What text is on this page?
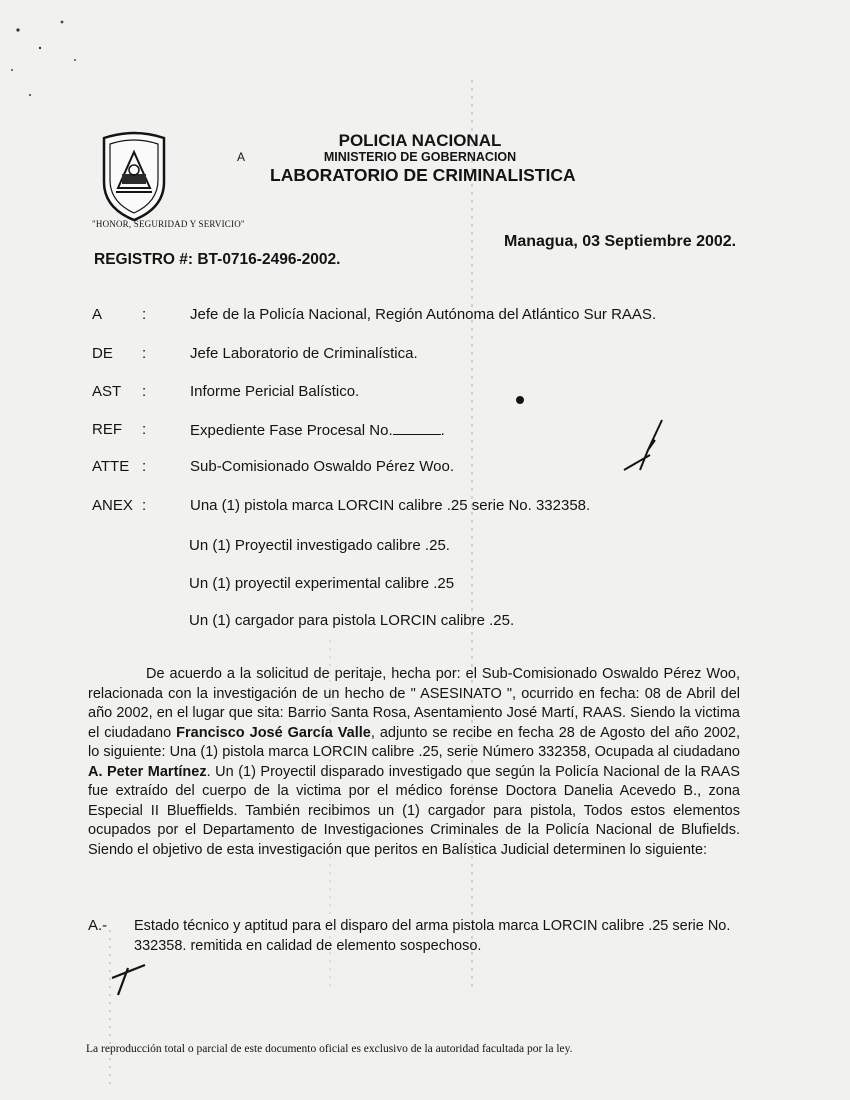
"HONOR, SEGURIDAD Y SERVICIO"
A
POLICIA NACIONAL
MINISTERIO DE GOBERNACION
LABORATORIO DE CRIMINALISTICA
Managua, 03 Septiembre 2002.
REGISTRO #: BT-0716-2496-2002.
A	:	Jefe de la Policía Nacional, Región Autónoma del Atlántico Sur RAAS.
DE :	Jefe Laboratorio de Criminalística.
AST :	Informe Pericial Balístico.
REF :	Expediente Fase Procesal No.	.
ATTE :	Sub-Comisionado Oswaldo Pérez Woo.
ANEX :	Una (1) pistola marca LORCIN calibre .25 serie No. 332358.
Un (1) Proyectil investigado calibre .25.
Un (1) proyectil experimental calibre .25
Un (1) cargador para pistola LORCIN calibre .25.
De acuerdo a la solicitud de peritaje, hecha por: el Sub-Comisionado Oswaldo Pérez Woo, relacionada con la investigación de un hecho de " ASESINATO ", ocurrido en fecha: 08 de Abril del año 2002, en el lugar que sita: Barrio Santa Rosa, Asentamiento José Martí, RAAS. Siendo la victima el ciudadano Francisco José García Valle, adjunto se recibe en fecha 28 de Agosto del año 2002, lo siguiente: Una (1) pistola marca LORCIN calibre .25, serie Número 332358, Ocupada al ciudadano A. Peter Martínez. Un (1) Proyectil disparado investigado que según la Policía Nacional de la RAAS fue extraído del cuerpo de la victima por el médico forense Doctora Danelia Acevedo B., zona Especial II Blueffields. También recibimos un (1) cargador para pistola, Todos estos elementos ocupados por el Departamento de Investigaciones Criminales de la Policía Nacional de Blufields. Siendo el objetivo de esta investigación que peritos en Balística Judicial determinen lo siguiente:
A.- Estado técnico y aptitud para el disparo del arma pistola marca LORCIN calibre .25 serie No. 332358. remitida en calidad de elemento sospechoso.
La reproducción total o parcial de este documento oficial es exclusivo de la autoridad facultada por la ley.
